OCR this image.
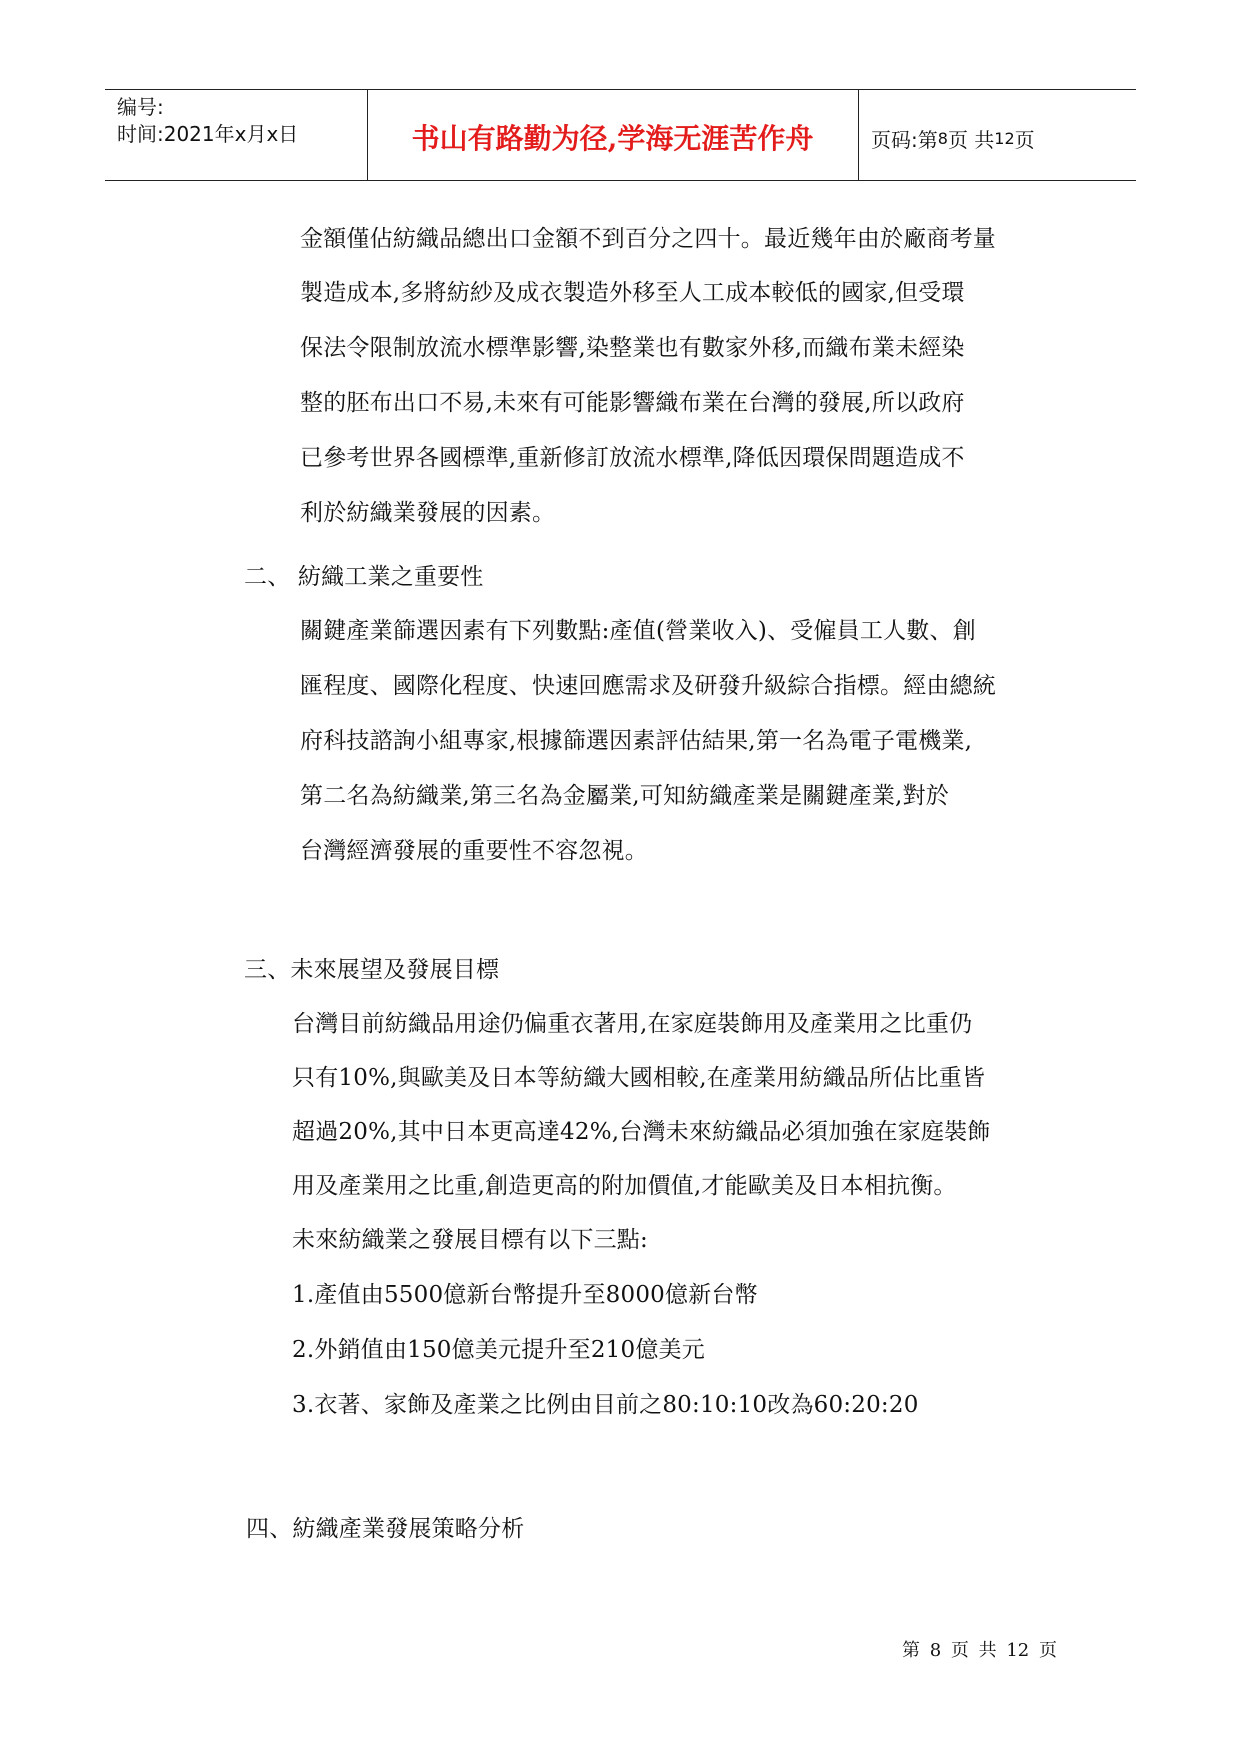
编号:
时间:2021年x月x日	书山有路勤为径,学海无涯苦作舟	页码:第 8 页 共 12 页
金額僅佔紡織品總出口金額不到百分之四十。最近幾年由於廠商考量
製造成本,多將紡紗及成衣製造外移至人工成本較低的國家,但受環
保法令限制放流水標準影響,染整業也有數家外移,而織布業未經染
整的胚布出口不易,未來有可能影響織布業在台灣的發展,所以政府
已參考世界各國標準,重新修訂放流水標準,降低因環保問題造成不
利於紡織業發展的因素。
二、 紡織工業之重要性
關鍵產業篩選因素有下列數點:產值(營業收入)、受僱員工人數、創
匯程度、國際化程度、快速回應需求及研發升級綜合指標。經由總統
府科技諮詢小組專家,根據篩選因素評估結果,第一名為電子電機業,
第二名為紡織業,第三名為金屬業,可知紡織產業是關鍵產業,對於
台灣經濟發展的重要性不容忽視。
三、未來展望及發展目標
台灣目前紡織品用途仍偏重衣著用,在家庭裝飾用及產業用之比重仍
只有10%,與歐美及日本等紡織大國相較,在產業用紡織品所佔比重皆
超過20%,其中日本更高達42%,台灣未來紡織品必須加強在家庭裝飾
用及產業用之比重,創造更高的附加價值,才能歐美及日本相抗衡。
未來紡織業之發展目標有以下三點:
1.產值由5500億新台幣提升至8000億新台幣
2.外銷值由150億美元提升至210億美元
3.衣著、家飾及產業之比例由目前之80:10:10改為60:20:20
四、紡織產業發展策略分析
第 8 页 共 12 页
